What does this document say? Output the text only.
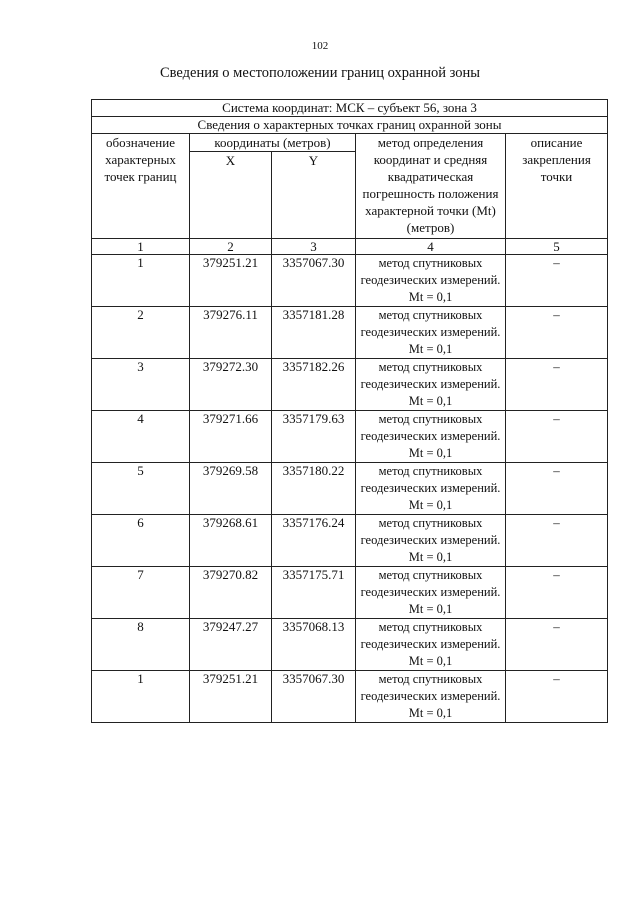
102
Сведения о местоположении границ охранной зоны
Система координат: МСК – субъект 56, зона 3				
Сведения о характерных точках границ охранной зоны				
обозначение характерных точек границ	координаты (метров)		метод определения координат и средняя квадратическая погрешность положения характерной точки (Mt) (метров)	описание закрепления точки
	X	Y		
1	2	3	4	5
1	379251.21	3357067.30	метод спутниковых геодезических измерений. Mt = 0,1	–
2	379276.11	3357181.28	метод спутниковых геодезических измерений. Mt = 0,1	–
3	379272.30	3357182.26	метод спутниковых геодезических измерений. Mt = 0,1	–
4	379271.66	3357179.63	метод спутниковых геодезических измерений. Mt = 0,1	–
5	379269.58	3357180.22	метод спутниковых геодезических измерений. Mt = 0,1	–
6	379268.61	3357176.24	метод спутниковых геодезических измерений. Mt = 0,1	–
7	379270.82	3357175.71	метод спутниковых геодезических измерений. Mt = 0,1	–
8	379247.27	3357068.13	метод спутниковых геодезических измерений. Mt = 0,1	–
1	379251.21	3357067.30	метод спутниковых геодезических измерений. Mt = 0,1	–
